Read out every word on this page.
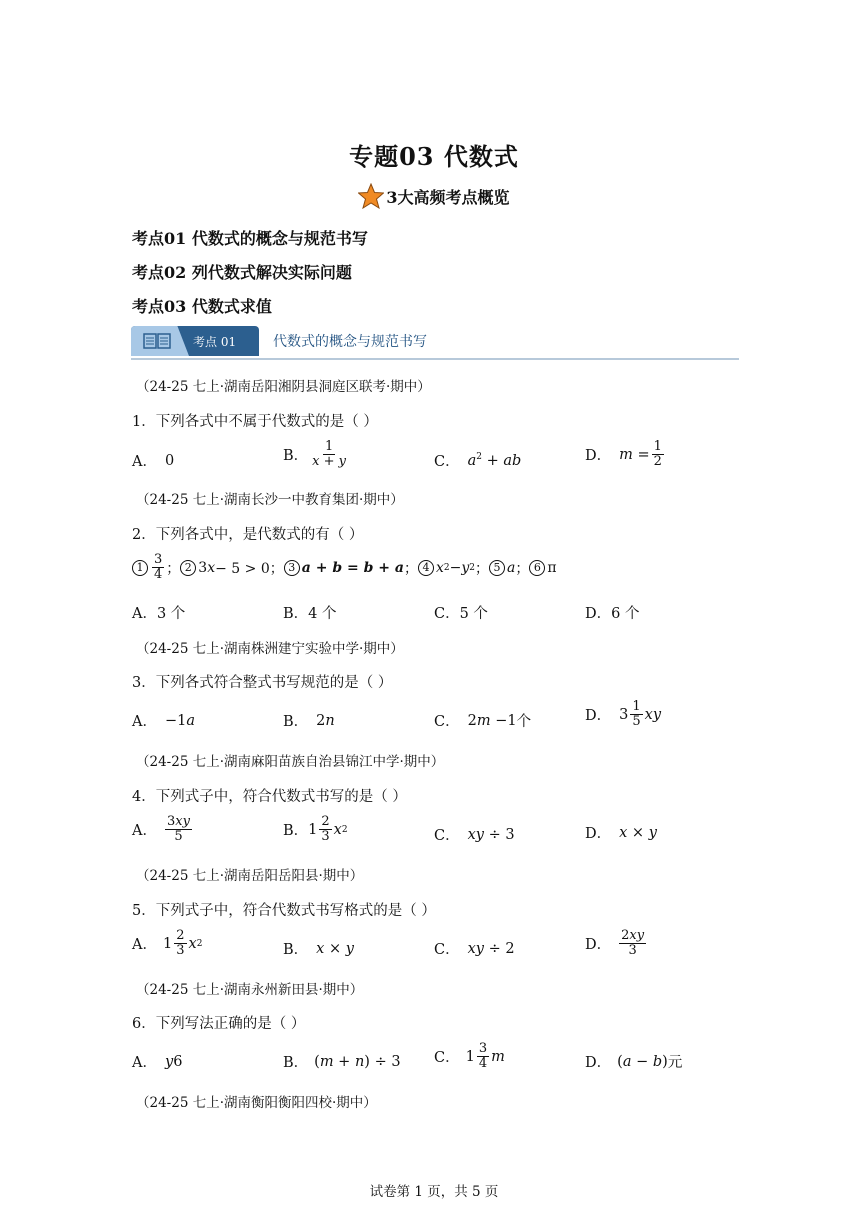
专题03 代数式
3大高频考点概览
考点01 代数式的概念与规范书写
考点02 列代数式解决实际问题
考点03 代数式求值
考点 01	代数式的概念与规范书写
（24-25 七上·湖南岳阳湘阴县洞庭区联考·期中）
1．下列各式中不属于代数式的是（ ）
A． 0	B． $\frac{1}{x + y}$	C． $a^2$ + ab	D． $m = \frac{1}{2}$
（24-25 七上·湖南长沙一中教育集团·期中）
2．下列各式中，是代数式的有（ ）
$1 \frac{3}{4}$ ； 2 3 x − 5 > 0； 3 a + b = b + a ； 4 x 2 − y 2 ； 5 a ； 6 π
A．3 个	B．4 个	C．5 个	D．6 个
（24-25 七上·湖南株洲建宁实验中学·期中）
3．下列各式符合整式书写规范的是（ ）
A． −1a	B． 2n	C． 2m −1 个	D． $3 \frac{1}{5}$ xy
（24-25 七上·湖南麻阳苗族自治县锦江中学·期中）
4．下列式子中，符合代数式书写的是（ ）
A． $\frac{3xy}{5}$	B． $1 \frac{2}{3}$ x 2	C． xy ÷ 3	D． x × y
（24-25 七上·湖南岳阳岳阳县·期中）
5．下列式子中，符合代数式书写格式的是（ ）
A． $1 \frac{2}{3}$ x 2	B． x × y	C． xy ÷ 2	D． $\frac{2xy}{3}$
（24-25 七上·湖南永州新田县·期中）
6．下列写法正确的是（ ）
A． y6	B． (m + n) ÷ 3 C． $1 \frac{3}{4}$ m	D． (a − b) 元
（24-25 七上·湖南衡阳衡阳四校·期中）
试卷第 1 页，共 5 页
